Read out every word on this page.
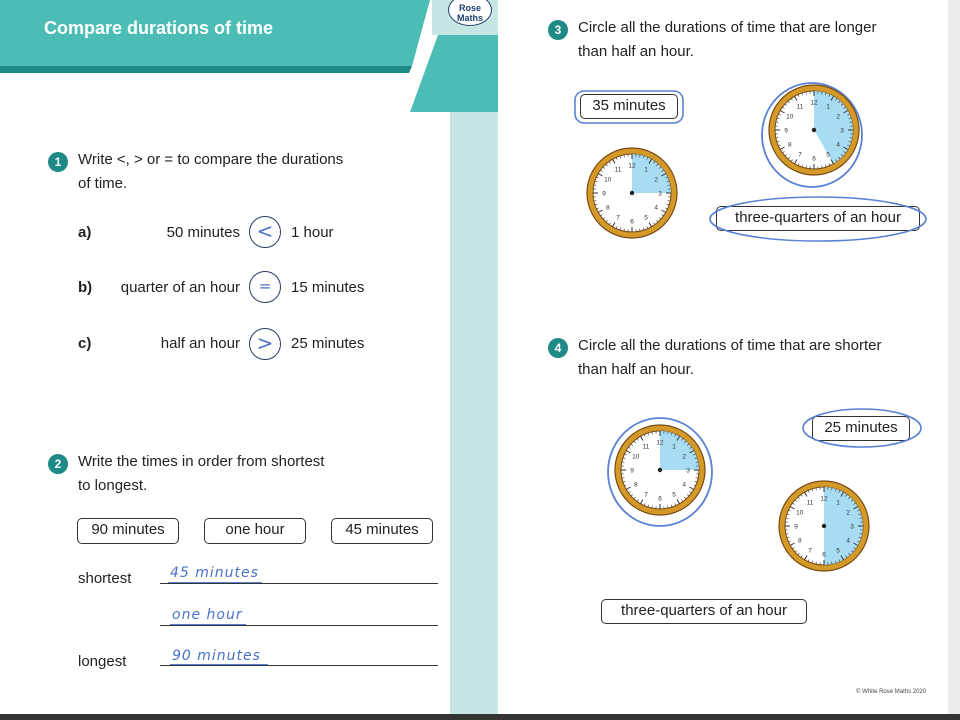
Compare durations of time
Rose
Maths
1	Write <, > or = to compare the durations
of time.
a)	50 minutes <	1 hour
b) quarter of an hour	=	15 minutes
c)	half an hour >	25 minutes
2	Write the times in order from shortest
to longest.
90 minutes	one hour	45 minutes
shortest	45 minutes
one hour
longest	90 minutes
3	Circle all the durations of time that are longer
than half an hour.
35 minutes
three-quarters of an hour
12
1
2
3
4
5
6
7
8
9
10
11
12
1
2
3
4
5
6
7
8
9
10
11
4	Circle all the durations of time that are shorter
than half an hour.
25 minutes
12
1
2
3
4
5
6
7
8
9
10
11
12
1
2
3
4
5
6
7
8
9
10
11
three-quarters of an hour
© White Rose Maths 2020
